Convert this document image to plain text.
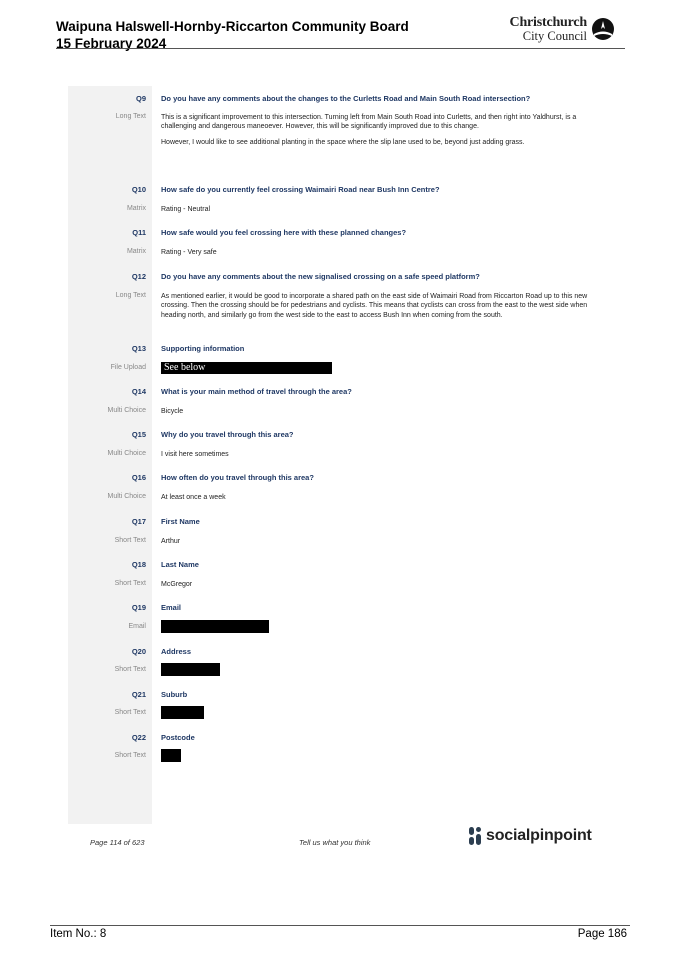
Waipuna Halswell-Hornby-Riccarton Community Board
15 February 2024
Christchurch
City Council
Q9 Do you have any comments about the changes to the Curletts Road and Main South Road intersection?
Long Text This is a significant improvement to this intersection. Turning left from Main South Road into Curletts, and then right into Yaldhurst, is a challenging and dangerous maneoever. However, this will be significantly improved due to this change.

However, I would like to see additional planting in the space where the slip lane used to be, beyond just adding grass.

Q10 How safe do you currently feel crossing Waimairi Road near Bush Inn Centre?
Matrix Rating - Neutral
Q11 How safe would you feel crossing here with these planned changes?
Matrix Rating - Very safe
Q12 Do you have any comments about the new signalised crossing on a safe speed platform?
Long Text As mentioned earlier, it would be good to incorporate a shared path on the east side of Waimairi Road from Riccarton Road up to this new crossing. Then the crossing should be for pedestrians and cyclists. This means that cyclists can cross from the east to the west side when heading north, and similarly go from the west side to the east to access Bush Inn when coming from the south.
Q13 Supporting information
File Upload	See below
Q14 What is your main method of travel through the area?
Multi Choice Bicycle
Q15 Why do you travel through this area?
Multi Choice I visit here sometimes
Q16 How often do you travel through this area?
Multi Choice At least once a week
Q17 First Name
Short Text Arthur
Q18 Last Name
Short Text McGregor
Q19 Email
Email
Q20 Address
Short Text
Q21 Suburb
Short Text
Q22 Postcode
Short Text
Page 114 of 623	Tell us what you think	socialpinpoint
Item No.: 8	Page 186
